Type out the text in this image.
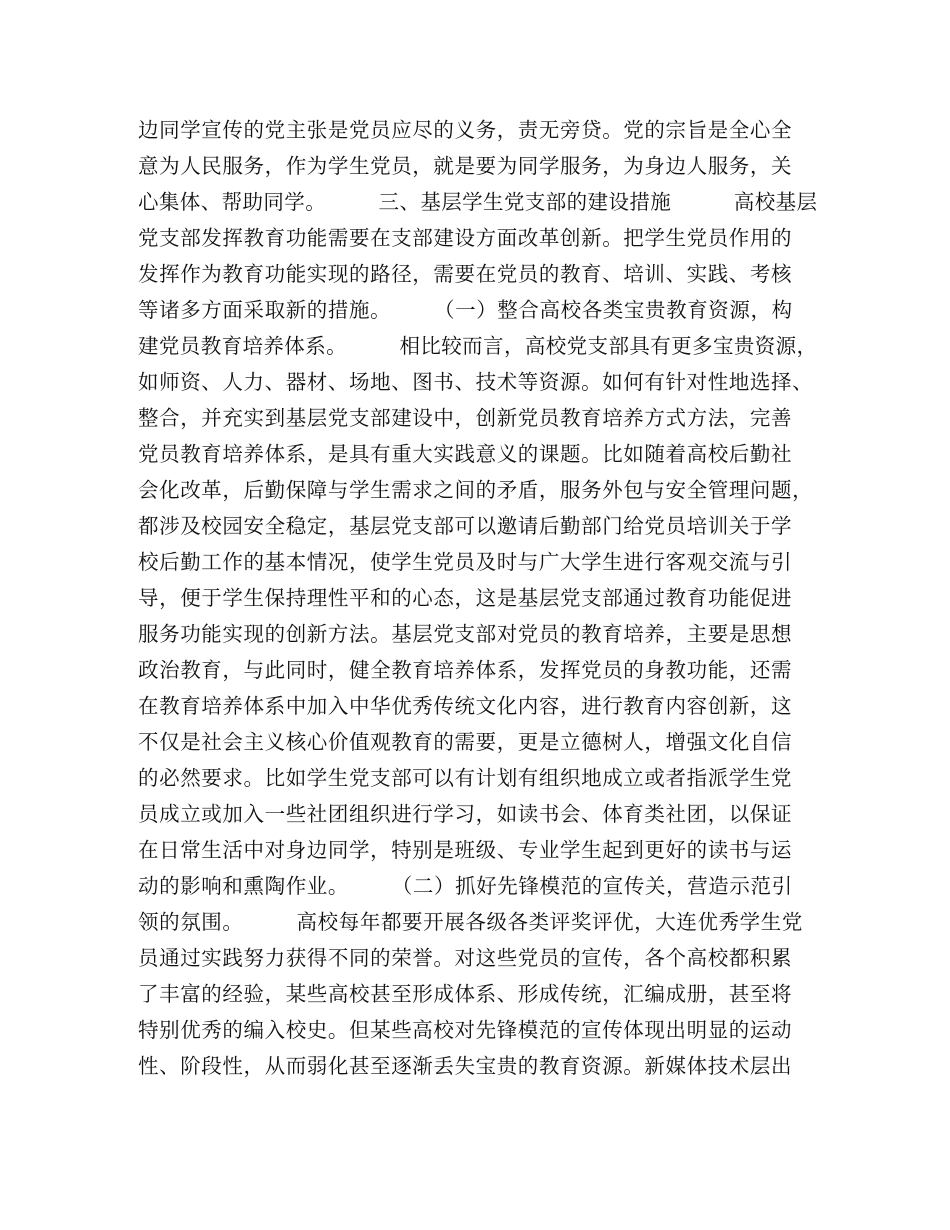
边同学宣传的党主张是党员应尽的义务，责无旁贷。党的宗旨是全心全
意为人民服务，作为学生党员，就是要为同学服务，为身边人服务，关
心集体、帮助同学。　　　三、基层学生党支部的建设措施　　　高校基层
党支部发挥教育功能需要在支部建设方面改革创新。把学生党员作用的
发挥作为教育功能实现的路径，需要在党员的教育、培训、实践、考核
等诸多方面采取新的措施。　　　（一）整合高校各类宝贵教育资源，构
建党员教育培养体系。　　　相比较而言，高校党支部具有更多宝贵资源，
如师资、人力、器材、场地、图书、技术等资源。如何有针对性地选择、
整合，并充实到基层党支部建设中，创新党员教育培养方式方法，完善
党员教育培养体系，是具有重大实践意义的课题。比如随着高校后勤社
会化改革，后勤保障与学生需求之间的矛盾，服务外包与安全管理问题，
都涉及校园安全稳定，基层党支部可以邀请后勤部门给党员培训关于学
校后勤工作的基本情况，使学生党员及时与广大学生进行客观交流与引
导，便于学生保持理性平和的心态，这是基层党支部通过教育功能促进
服务功能实现的创新方法。基层党支部对党员的教育培养，主要是思想
政治教育，与此同时，健全教育培养体系，发挥党员的身教功能，还需
在教育培养体系中加入中华优秀传统文化内容，进行教育内容创新，这
不仅是社会主义核心价值观教育的需要，更是立德树人，增强文化自信
的必然要求。比如学生党支部可以有计划有组织地成立或者指派学生党
员成立或加入一些社团组织进行学习，如读书会、体育类社团，以保证
在日常生活中对身边同学，特别是班级、专业学生起到更好的读书与运
动的影响和熏陶作业。　　　（二）抓好先锋模范的宣传关，营造示范引
领的氛围。　　　高校每年都要开展各级各类评奖评优，大连优秀学生党
员通过实践努力获得不同的荣誉。对这些党员的宣传，各个高校都积累
了丰富的经验，某些高校甚至形成体系、形成传统，汇编成册，甚至将
特别优秀的编入校史。但某些高校对先锋模范的宣传体现出明显的运动
性、阶段性，从而弱化甚至逐渐丢失宝贵的教育资源。新媒体技术层出
